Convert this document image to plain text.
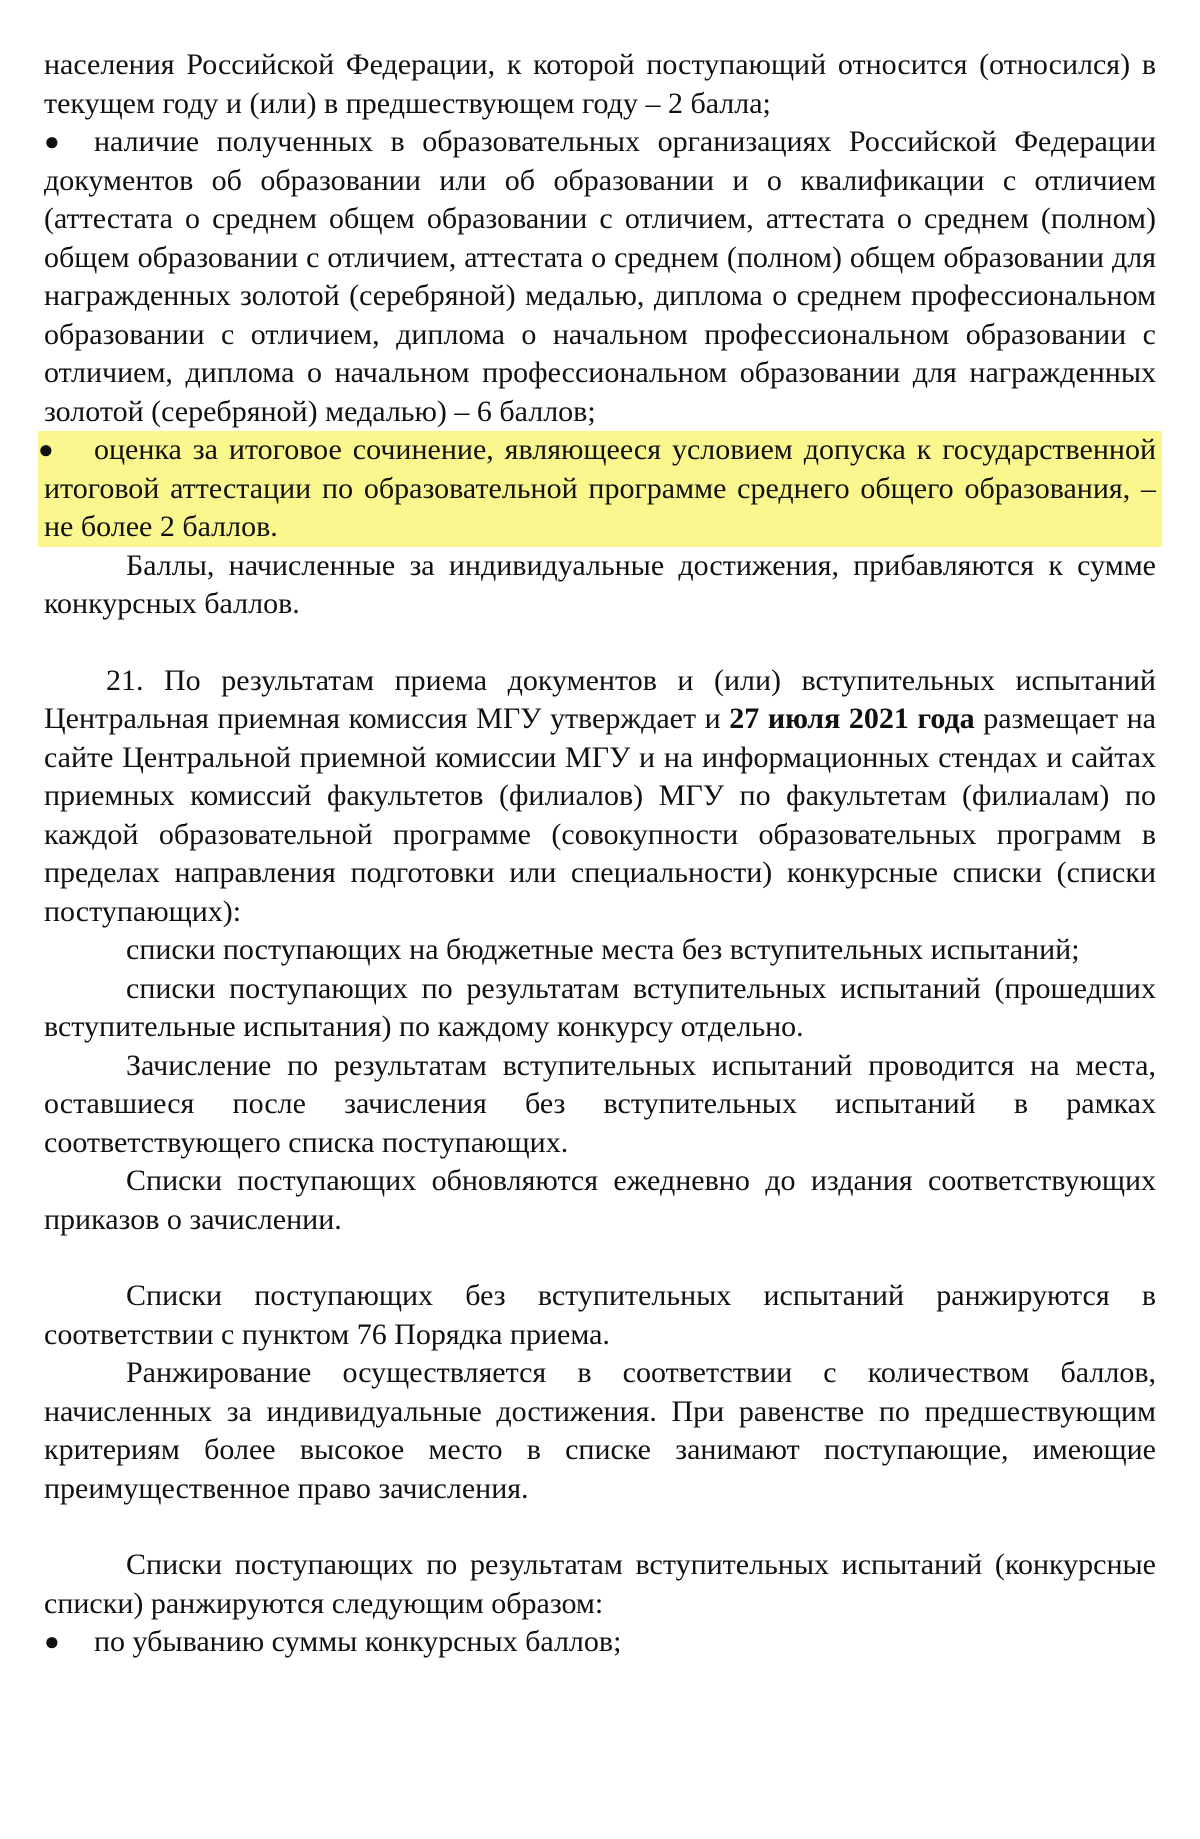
населения Российской Федерации, к которой поступающий относится (относился) в текущем году и (или) в предшествующем году – 2 балла;

●	наличие полученных в образовательных организациях Российской Федерации документов об образовании или об образовании и о квалификации с отличием (аттестата о среднем общем образовании с отличием, аттестата о среднем (полном) общем образовании с отличием, аттестата о среднем (полном) общем образовании для награжденных золотой (серебряной) медалью, диплома о среднем профессиональном образовании с отличием, диплома о начальном профессиональном образовании с отличием, диплома о начальном профессиональном образовании для награжденных золотой (серебряной) медалью) – 6 баллов;

●	оценка за итоговое сочинение, являющееся условием допуска к государственной итоговой аттестации по образовательной программе среднего общего образования, – не более 2 баллов.

Баллы, начисленные за индивидуальные достижения, прибавляются к сумме конкурсных баллов.

21. По результатам приема документов и (или) вступительных испытаний Центральная приемная комиссия МГУ утверждает и 27 июля 2021 года размещает на сайте Центральной приемной комиссии МГУ и на информационных стендах и сайтах приемных комиссий факультетов (филиалов) МГУ по факультетам (филиалам) по каждой образовательной программе (совокупности образовательных программ в пределах направления подготовки или специальности) конкурсные списки (списки поступающих):

списки поступающих на бюджетные места без вступительных испытаний;

списки поступающих по результатам вступительных испытаний (прошедших вступительные испытания) по каждому конкурсу отдельно.

Зачисление по результатам вступительных испытаний проводится на места, оставшиеся после зачисления без вступительных испытаний в рамках соответствующего списка поступающих.

Списки поступающих обновляются ежедневно до издания соответствующих приказов о зачислении.

Списки поступающих без вступительных испытаний ранжируются в соответствии с пунктом 76 Порядка приема.

Ранжирование осуществляется в соответствии с количеством баллов, начисленных за индивидуальные достижения. При равенстве по предшествующим критериям более высокое место в списке занимают поступающие, имеющие преимущественное право зачисления.

Списки поступающих по результатам вступительных испытаний (конкурсные списки) ранжируются следующим образом:

●	по убыванию суммы конкурсных баллов;
